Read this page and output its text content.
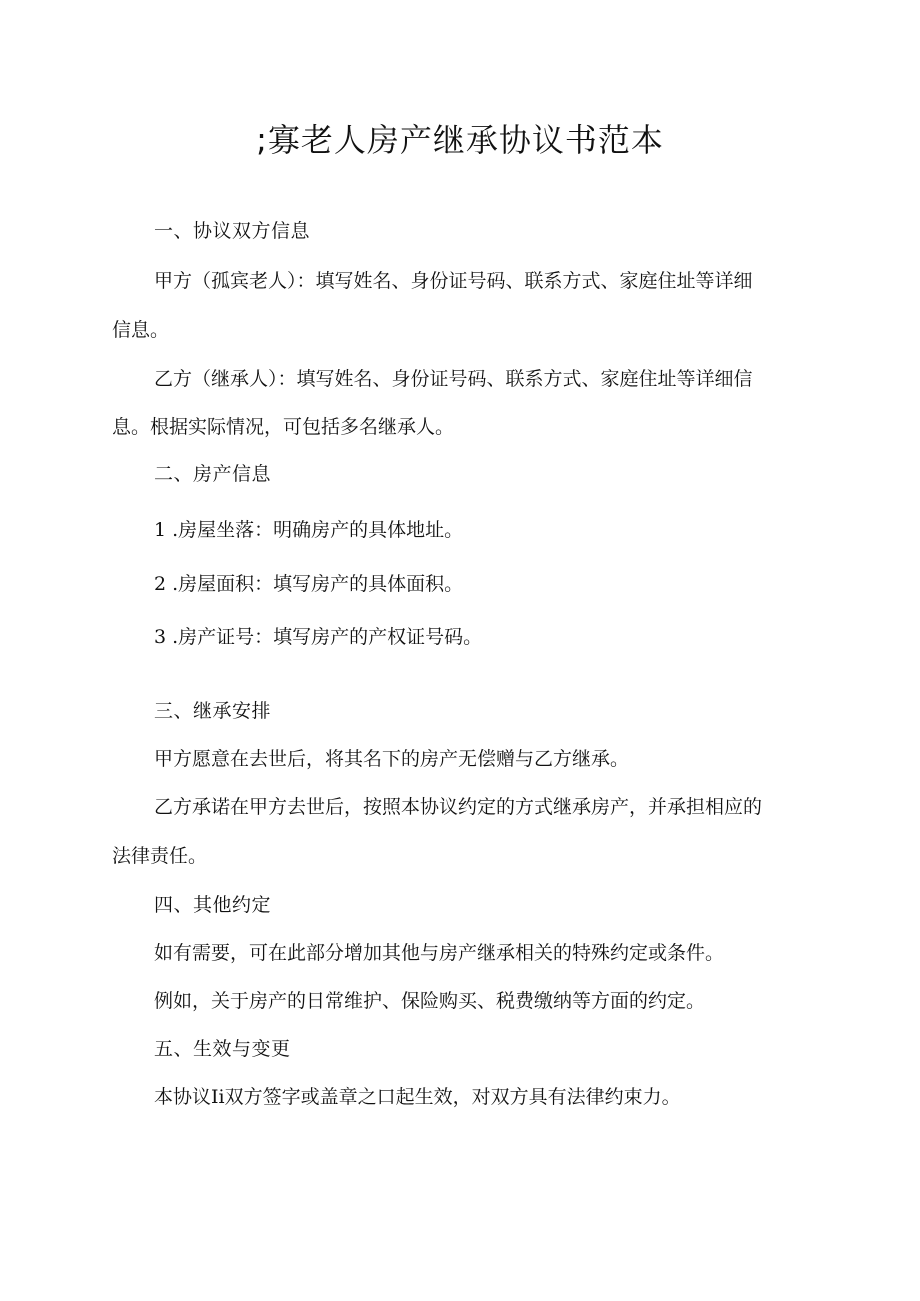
;寡老人房产继承协议书范本

一、协议双方信息

甲方（孤宾老人）：填写姓名、身份证号码、联系方式、家庭住址等详细

信息。

乙方（继承人）：填写姓名、身份证号码、联系方式、家庭住址等详细信

息。根据实际情况，可包括多名继承人。

二、房产信息

1 .房屋坐落：明确房产的具体地址。

2 .房屋面积：填写房产的具体面积。

3 .房产证号：填写房产的产权证号码。

三、继承安排

甲方愿意在去世后，将其名下的房产无偿赠与乙方继承。

乙方承诺在甲方去世后，按照本协议约定的方式继承房产，并承担相应的

法律责任。

四、其他约定

如有需要，可在此部分增加其他与房产继承相关的特殊约定或条件。

例如，关于房产的日常维护、保险购买、税费缴纳等方面的约定。

五、生效与变更

本协议Ii双方签字或盖章之口起生效，对双方具有法律约束力。
